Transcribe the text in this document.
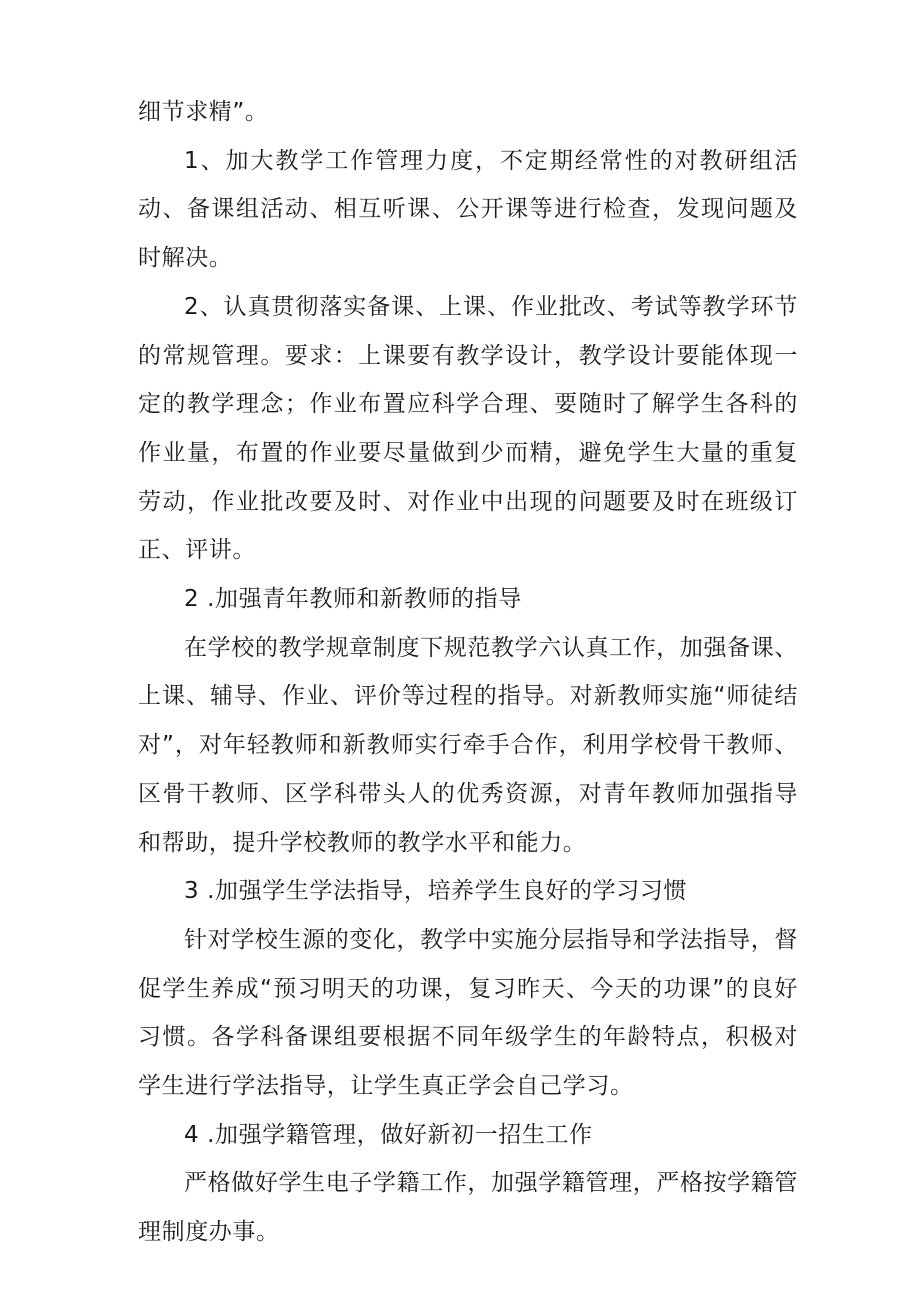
细节求精”。

1、加大教学工作管理力度，不定期经常性的对教研组活动、备课组活动、相互听课、公开课等进行检查，发现问题及时解决。

2、认真贯彻落实备课、上课、作业批改、考试等教学环节的常规管理。要求：上课要有教学设计，教学设计要能体现一定的教学理念；作业布置应科学合理、要随时了解学生各科的作业量，布置的作业要尽量做到少而精，避免学生大量的重复劳动，作业批改要及时、对作业中出现的问题要及时在班级订正、评讲。

2 .加强青年教师和新教师的指导

在学校的教学规章制度下规范教学六认真工作，加强备课、上课、辅导、作业、评价等过程的指导。对新教师实施“师徒结对”，对年轻教师和新教师实行牵手合作，利用学校骨干教师、区骨干教师、区学科带头人的优秀资源，对青年教师加强指导和帮助，提升学校教师的教学水平和能力。

3 .加强学生学法指导，培养学生良好的学习习惯

针对学校生源的变化，教学中实施分层指导和学法指导，督促学生养成“预习明天的功课，复习昨天、今天的功课”的良好习惯。各学科备课组要根据不同年级学生的年龄特点，积极对学生进行学法指导，让学生真正学会自己学习。

4 .加强学籍管理，做好新初一招生工作

严格做好学生电子学籍工作，加强学籍管理，严格按学籍管理制度办事。
